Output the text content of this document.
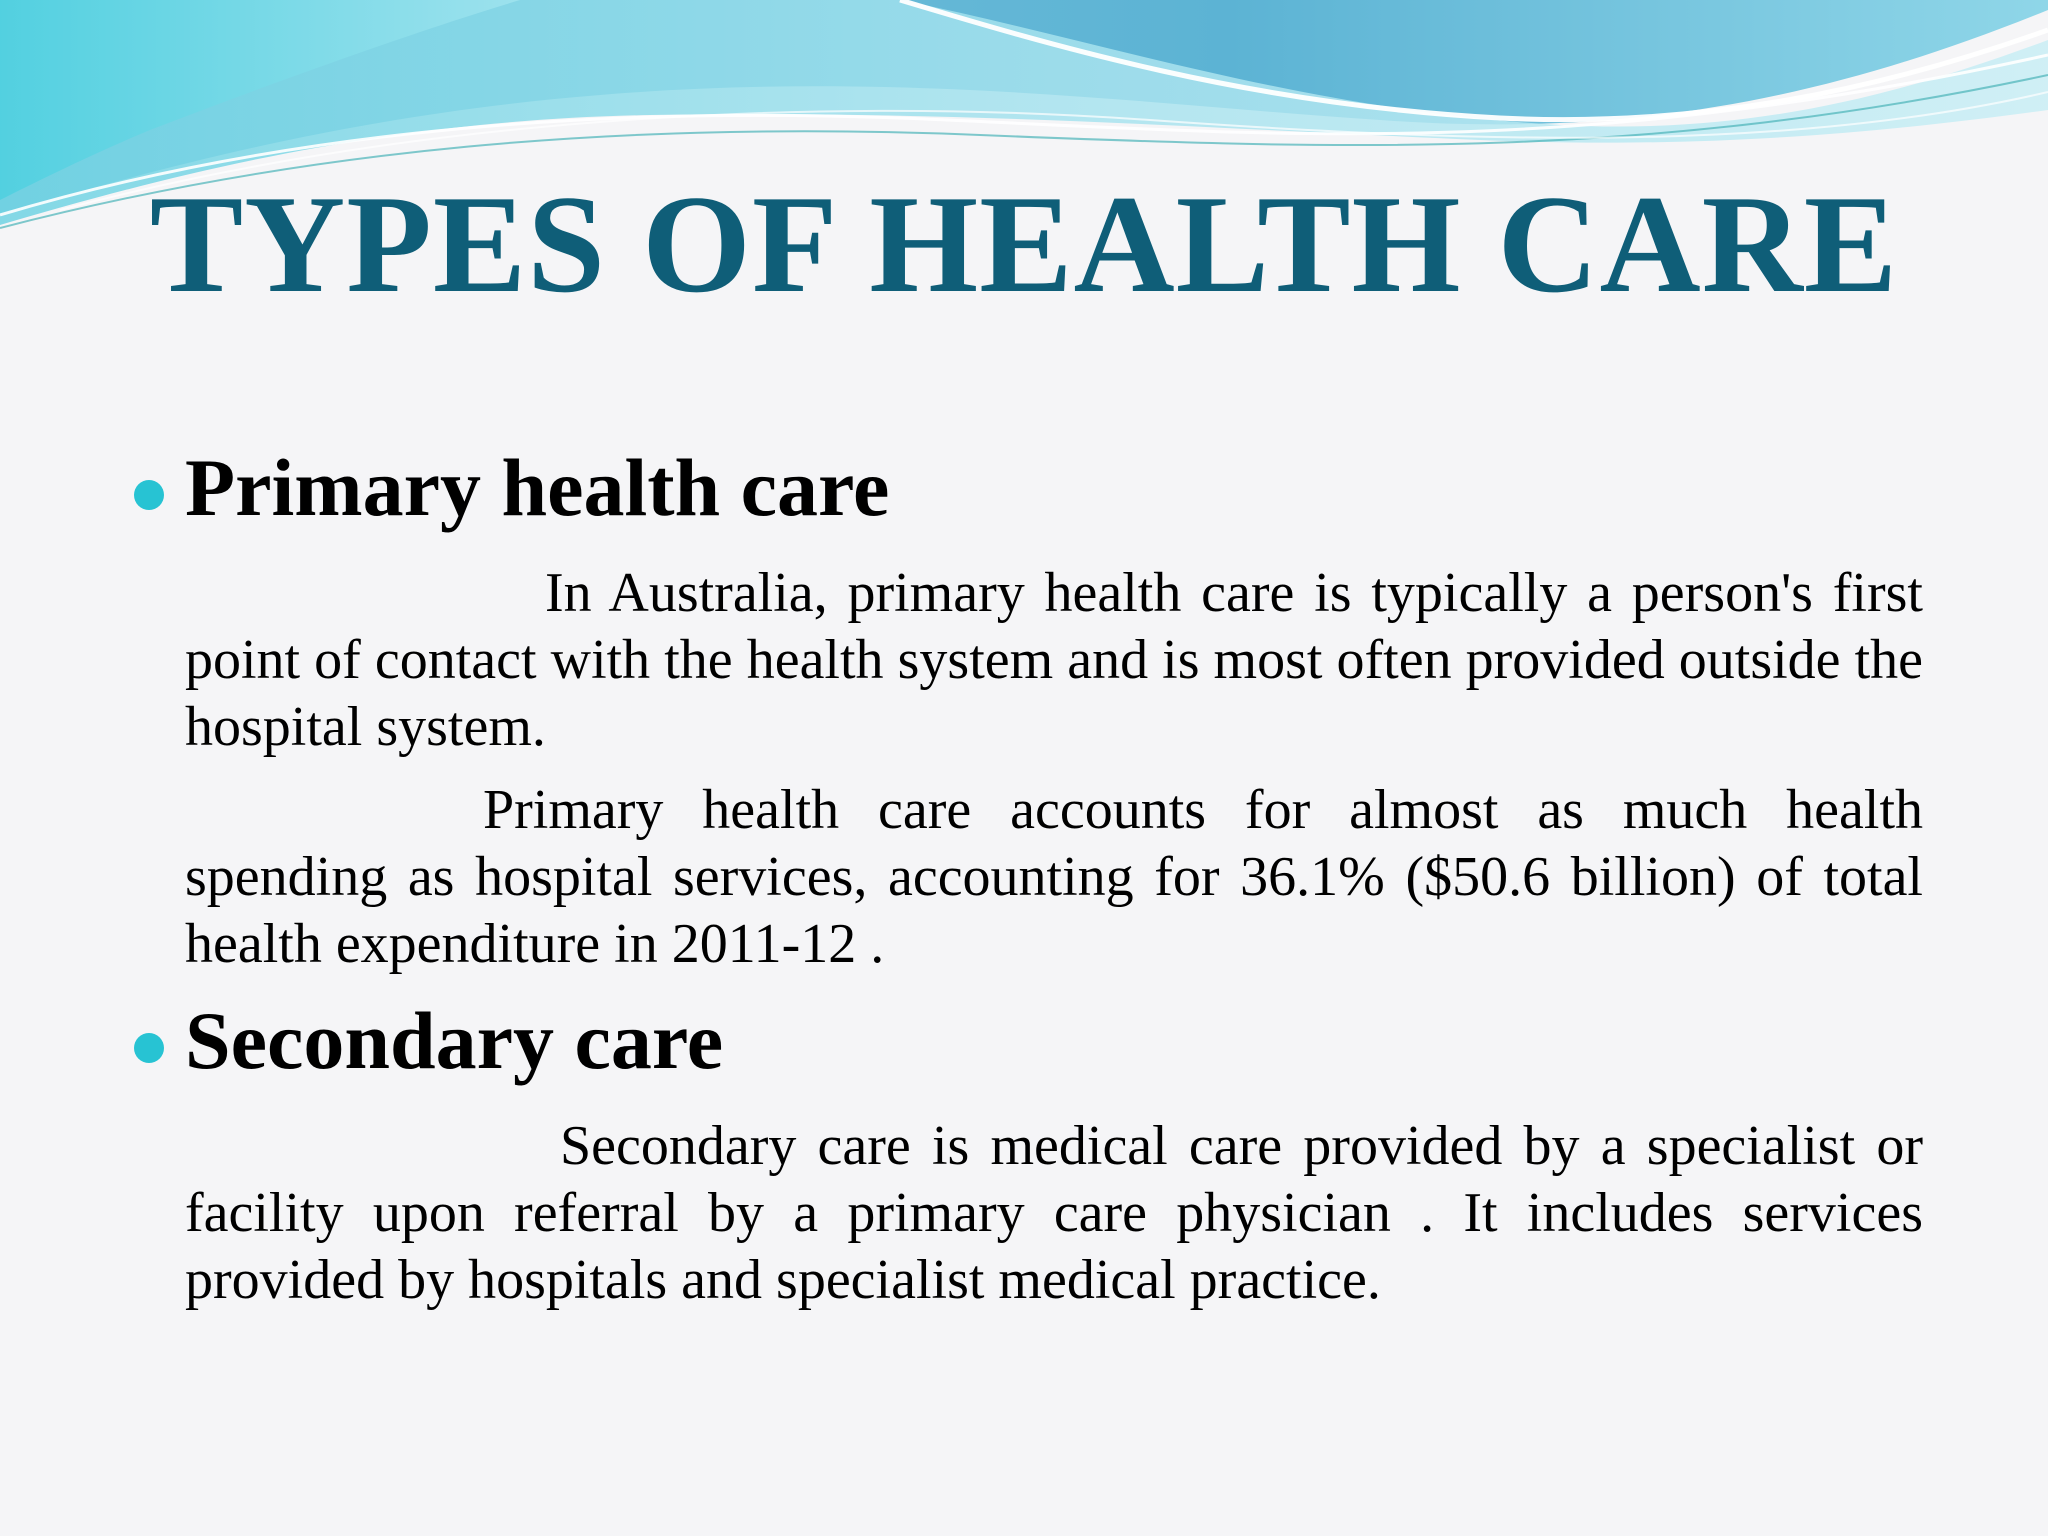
TYPES OF HEALTH CARE
Primary health care
In Australia, primary health care is typically a person's first point of contact with the health system and is most often provided outside the hospital system.
Primary health care accounts for almost as much health spending as hospital services, accounting for 36.1% ($50.6 billion) of total health expenditure in 2011-12 .
Secondary care
Secondary care is medical care provided by a specialist or facility upon referral by a primary care physician . It includes services provided by hospitals and specialist medical practice.
